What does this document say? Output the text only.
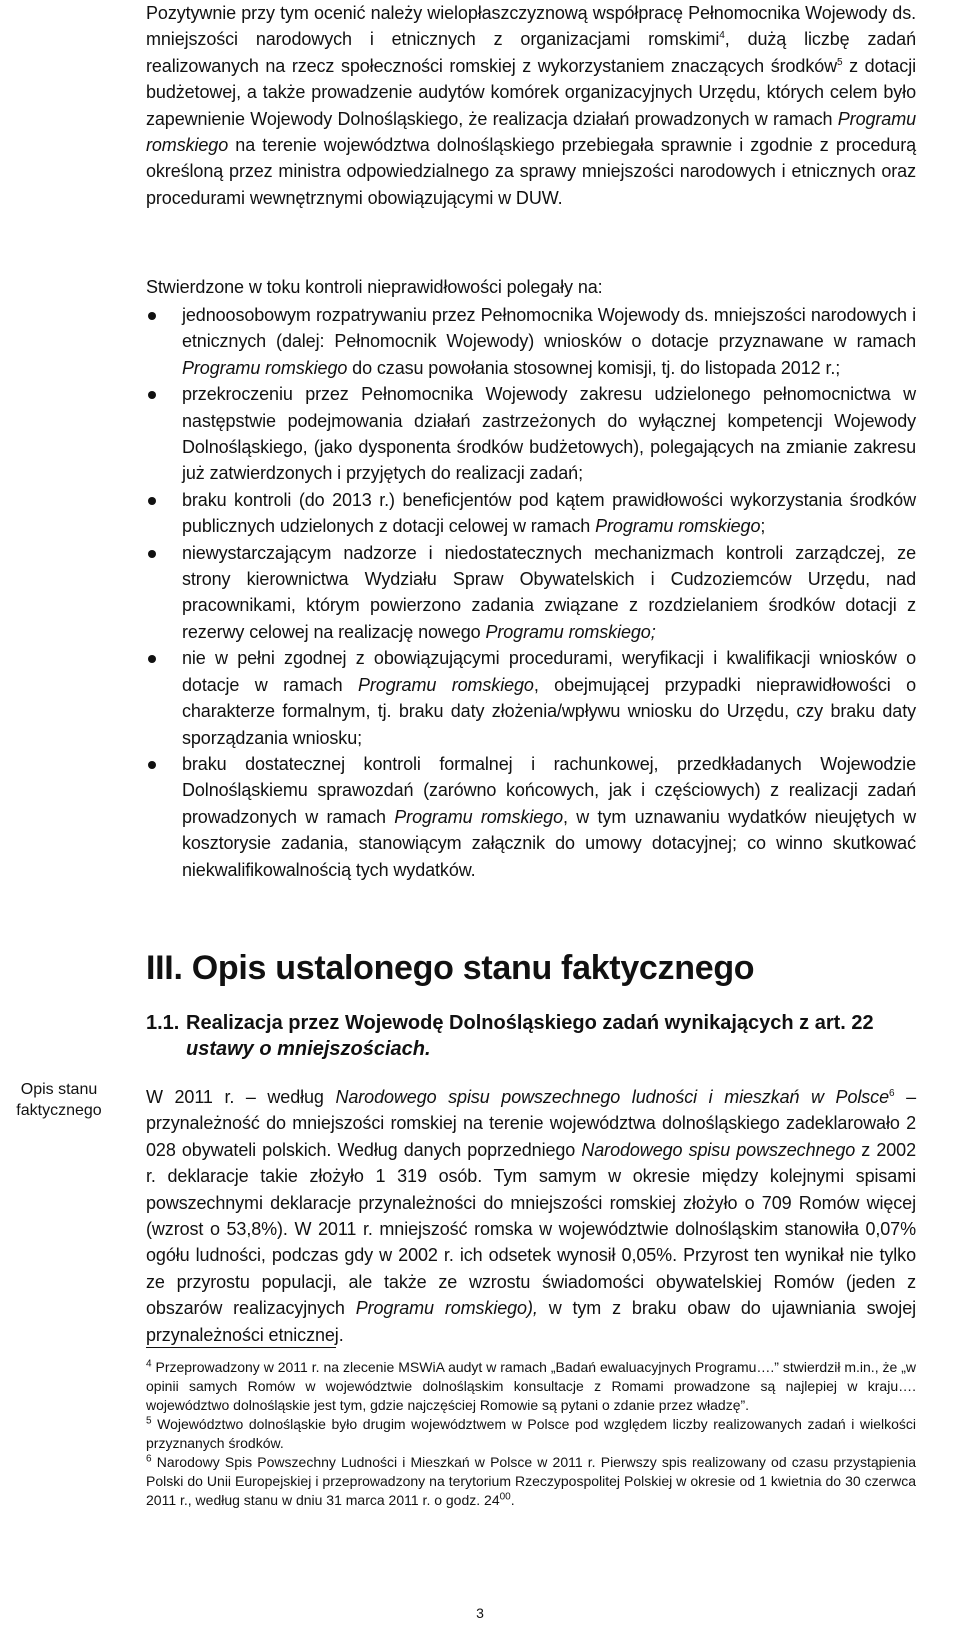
Pozytywnie przy tym ocenić należy wielopłaszczyznową współpracę Pełnomocnika Wojewody ds. mniejszości narodowych i etnicznych z organizacjami romskimi$^4$, dużą liczbę zadań realizowanych na rzecz społeczności romskiej z wykorzystaniem znaczących środków$^5$ z dotacji budżetowej, a także prowadzenie audytów komórek organizacyjnych Urzędu, których celem było zapewnienie Wojewody Dolnośląskiego, że realizacja działań prowadzonych w ramach Programu romskiego na terenie województwa dolnośląskiego przebiegała sprawnie i zgodnie z procedurą określoną przez ministra odpowiedzialnego za sprawy mniejszości narodowych i etnicznych oraz procedurami wewnętrznymi obowiązującymi w DUW.

Stwierdzone w toku kontroli nieprawidłowości polegały na:

jednoosobowym rozpatrywaniu przez Pełnomocnika Wojewody ds. mniejszości narodowych i etnicznych (dalej: Pełnomocnik Wojewody) wniosków o dotacje przyznawane w ramach Programu romskiego do czasu powołania stosownej komisji, tj. do listopada 2012 r.;
przekroczeniu przez Pełnomocnika Wojewody zakresu udzielonego pełnomocnictwa w następstwie podejmowania działań zastrzeżonych do wyłącznej kompetencji Wojewody Dolnośląskiego, (jako dysponenta środków budżetowych), polegających na zmianie zakresu już zatwierdzonych i przyjętych do realizacji zadań;
braku kontroli (do 2013 r.) beneficjentów pod kątem prawidłowości wykorzystania środków publicznych udzielonych z dotacji celowej w ramach Programu romskiego;
niewystarczającym nadzorze i niedostatecznych mechanizmach kontroli zarządczej, ze strony kierownictwa Wydziału Spraw Obywatelskich i Cudzoziemców Urzędu, nad pracownikami, którym powierzono zadania związane z rozdzielaniem środków dotacji z rezerwy celowej na realizację nowego Programu romskiego;
nie w pełni zgodnej z obowiązującymi procedurami, weryfikacji i kwalifikacji wniosków o dotacje w ramach Programu romskiego, obejmującej przypadki nieprawidłowości o charakterze formalnym, tj. braku daty złożenia/wpływu wniosku do Urzędu, czy braku daty sporządzania wniosku;
braku dostatecznej kontroli formalnej i rachunkowej, przedkładanych Wojewodzie Dolnośląskiemu sprawozdań (zarówno końcowych, jak i częściowych) z realizacji zadań prowadzonych w ramach Programu romskiego, w tym uznawaniu wydatków nieujętych w kosztorysie zadania, stanowiącym załącznik do umowy dotacyjnej; co winno skutkować niekwalifikowalnością tych wydatków.
III. Opis ustalonego stanu faktycznego
1.1. Realizacja przez Wojewodę Dolnośląskiego zadań wynikających z art. 22 ustawy o mniejszościach.

W 2011 r. – według Narodowego spisu powszechnego ludności i mieszkań w Polsce$^6$ – przynależność do mniejszości romskiej na terenie województwa dolnośląskiego zadeklarowało 2 028 obywateli polskich. Według danych poprzedniego Narodowego spisu powszechnego z 2002 r. deklaracje takie złożyło 1 319 osób. Tym samym w okresie między kolejnymi spisami powszechnymi deklaracje przynależności do mniejszości romskiej złożyło o 709 Romów więcej (wzrost o 53,8%). W 2011 r. mniejszość romska w województwie dolnośląskim stanowiła 0,07% ogółu ludności, podczas gdy w 2002 r. ich odsetek wynosił 0,05%. Przyrost ten wynikał nie tylko ze przyrostu populacji, ale także ze wzrostu świadomości obywatelskiej Romów (jeden z obszarów realizacyjnych Programu romskiego), w tym z braku obaw do ujawniania swojej przynależności etnicznej.

Opis stanu
faktycznego

$^4$ Przeprowadzony w 2011 r. na zlecenie MSWiA audyt w ramach „Badań ewaluacyjnych Programu….” stwierdził m.in., że „w opinii samych Romów w województwie dolnośląskim konsultacje z Romami prowadzone są najlepiej w kraju…. województwo dolnośląskie jest tym, gdzie najczęściej Romowie są pytani o zdanie przez władzę”.

$^5$ Województwo dolnośląskie było drugim województwem w Polsce pod względem liczby realizowanych zadań i wielkości przyznanych środków.

$^6$ Narodowy Spis Powszechny Ludności i Mieszkań w Polsce w 2011 r. Pierwszy spis realizowany od czasu przystąpienia Polski do Unii Europejskiej i przeprowadzony na terytorium Rzeczypospolitej Polskiej w okresie od 1 kwietnia do 30 czerwca 2011 r., według stanu w dniu 31 marca 2011 r. o godz. $24^{00}$.

3
